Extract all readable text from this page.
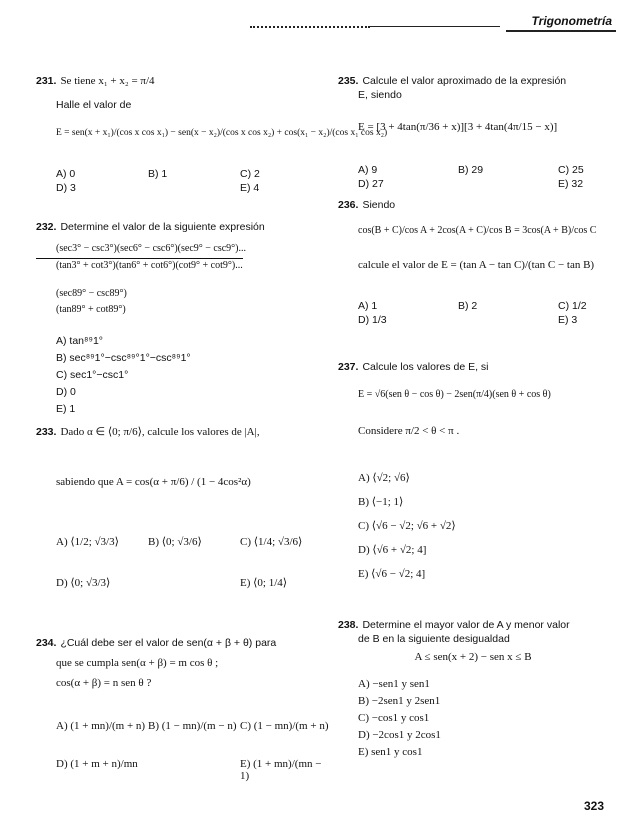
Trigonometría
231. Se tiene x₁ + x₂ = π/4
Halle el valor de
E = sen(x + x₁)/(cos x cos x₁) − sen(x − x₂)/(cos x cos x₂) + cos(x₁ − x₂)/(cos x₁ cos x₂)
A) 0	B) 1	C) 2
D) 3	E) 4
232. Determine el valor de la siguiente expresión
(sec3° − csc3°)(sec6° − csc6°)(sec9° − csc9°)...
(tan3° + cot3°)(tan6° + cot6°)(cot9° + cot9°)...
(sec89° − csc89°)
(tan89° + cot89°)
A) tan⁸⁹1°
B) sec⁸⁹1°−csc⁸⁹°1°−csc⁸⁹1°
C) sec1°−csc1°
D) 0
E) 1
233. Dado α ∈ ⟨0; π/6⟩, calcule los valores de |A|,
sabiendo que A = cos(α + π/6) / (1 − 4cos²α)
A) ⟨1/2; √3/3⟩	B) ⟨0; √3/6⟩	C) ⟨1/4; √3/6⟩
D) ⟨0; √3/3⟩	E) ⟨0; 1/4⟩
234. ¿Cuál debe ser el valor de sen(α + β + θ) para
que se cumpla sen(α + β) = m cos θ ;
cos(α + β) = n sen θ ?
A) (1 + mn)/(m + n) B) (1 − mn)/(m − n) C) (1 − mn)/(m + n)
D) (1 + m + n)/mn	E) (1 + mn)/(mn − 1)
235. Calcule el valor aproximado de la expresión
E, siendo
E = [3 + 4tan(π/36 + x)][3 + 4tan(4π/15 − x)]
A) 9	B) 29	C) 25
D) 27	E) 32
236. Siendo
cos(B + C)/cos A + 2cos(A + C)/cos B = 3cos(A + B)/cos C
calcule el valor de E = (tan A − tan C)/(tan C − tan B)
A) 1	B) 2	C) 1/2
D) 1/3	E) 3
237. Calcule los valores de E, si
E = √6(sen θ − cos θ) − 2sen(π/4)(sen θ + cos θ)
Considere π/2 < θ < π .
A) ⟨√2; √6⟩
B) ⟨−1; 1⟩
C) ⟨√6 − √2; √6 + √2⟩
D) ⟨√6 + √2; 4]
E) ⟨√6 − √2; 4]
238. Determine el mayor valor de A y menor valor
de B en la siguiente desigualdad
A ≤ sen(x + 2) − sen x ≤ B
A) −sen1 y sen1
B) −2sen1 y 2sen1
C) −cos1 y cos1
D) −2cos1 y 2cos1
E) sen1 y cos1
323
